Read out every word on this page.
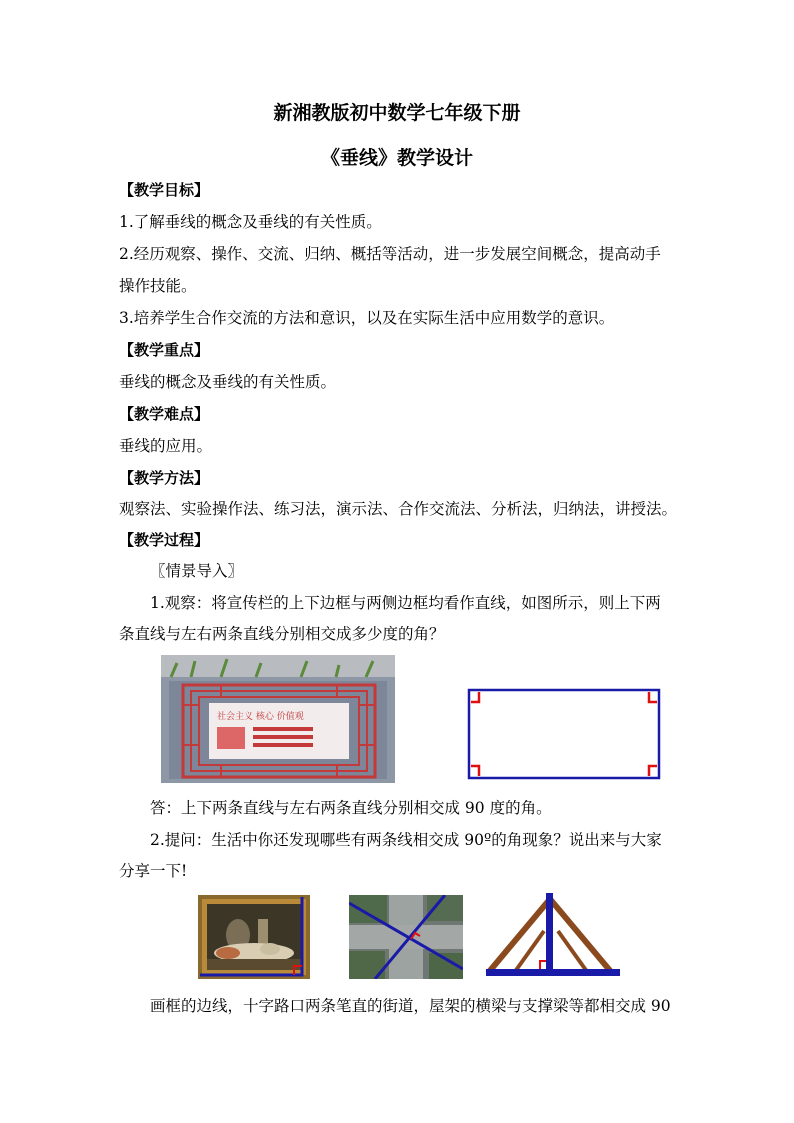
新湘教版初中数学七年级下册
《垂线》教学设计
【教学目标】
1.了解垂线的概念及垂线的有关性质。
2.经历观察、操作、交流、归纳、概括等活动，进一步发展空间概念，提高动手
操作技能。
3.培养学生合作交流的方法和意识，以及在实际生活中应用数学的意识。
【教学重点】
垂线的概念及垂线的有关性质。
【教学难点】
垂线的应用。
【教学方法】
观察法、实验操作法、练习法，演示法、合作交流法、分析法，归纳法，讲授法。
【教学过程】
〖情景导入〗
1.观察：将宣传栏的上下边框与两侧边框均看作直线，如图所示，则上下两
条直线与左右两条直线分别相交成多少度的角？
社会主义 核心 价值观
答：上下两条直线与左右两条直线分别相交成 90 度的角。
2.提问：生活中你还发现哪些有两条线相交成 90º的角现象？说出来与大家
分享一下!
画框的边线，十字路口两条笔直的街道，屋架的横梁与支撑梁等都相交成 90
